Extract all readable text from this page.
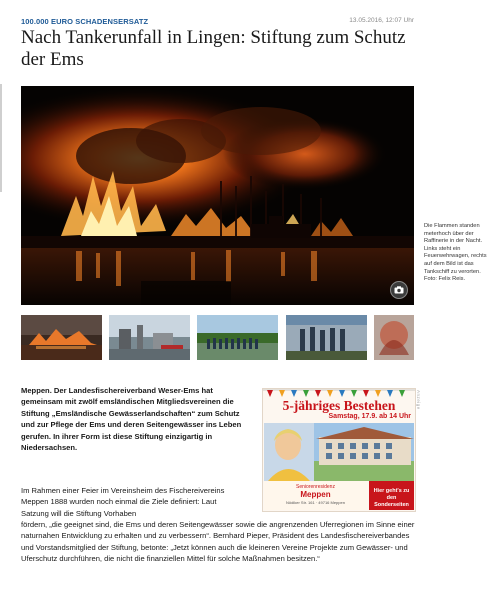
100.000 EURO SCHADENSERSATZ	13.05.2016, 12:07 Uhr
Nach Tankerunfall in Lingen: Stiftung zum Schutz der Ems
Die Flammen standen meterhoch über der Raffinerie in der Nacht. Links steht ein Feuerwehrwagen, rechts auf dem Bild ist das Tankschiff zu verorten. Foto: Felix Reis.

Meppen. Der Landesfischereiverband Weser-Ems hat gemeinsam mit zwölf emsländischen Mitgliedsvereinen die Stiftung „Emsländische Gewässerlandschaften“ zum Schutz und zur Pflege der Ems und deren Seitengewässer ins Leben gerufen. In ihrer Form ist diese Stiftung einzigartig in Niedersachsen.

Im Rahmen einer Feier im Vereinsheim des Fischereivereins Meppen 1888 wurden noch einmal die Ziele definiert: Laut Satzung will die Stiftung Vorhaben

fördern, „die geeignet sind, die Ems und deren Seitengewässer sowie die angrenzenden Uferregionen im Sinne einer naturnahen Entwicklung zu erhalten und zu verbessern“. Bernhard Pieper, Präsident des Landesfischereiverbandes und Vorstandsmitglied der Stiftung, betonte: „Jetzt können auch die kleineren Vereine Projekte zum Gewässer- und Uferschutz durchführen, die nicht die finanziellen Mittel für solche Maßnahmen besitzen.“

Anzeige
5-jähriges Bestehen
Samstag, 17.9. ab 14 Uhr
Seniorenresidenz
Meppen
Nödiker Str. 161 · 49716 Meppen
Hier geht's zu den Sonderseiten
